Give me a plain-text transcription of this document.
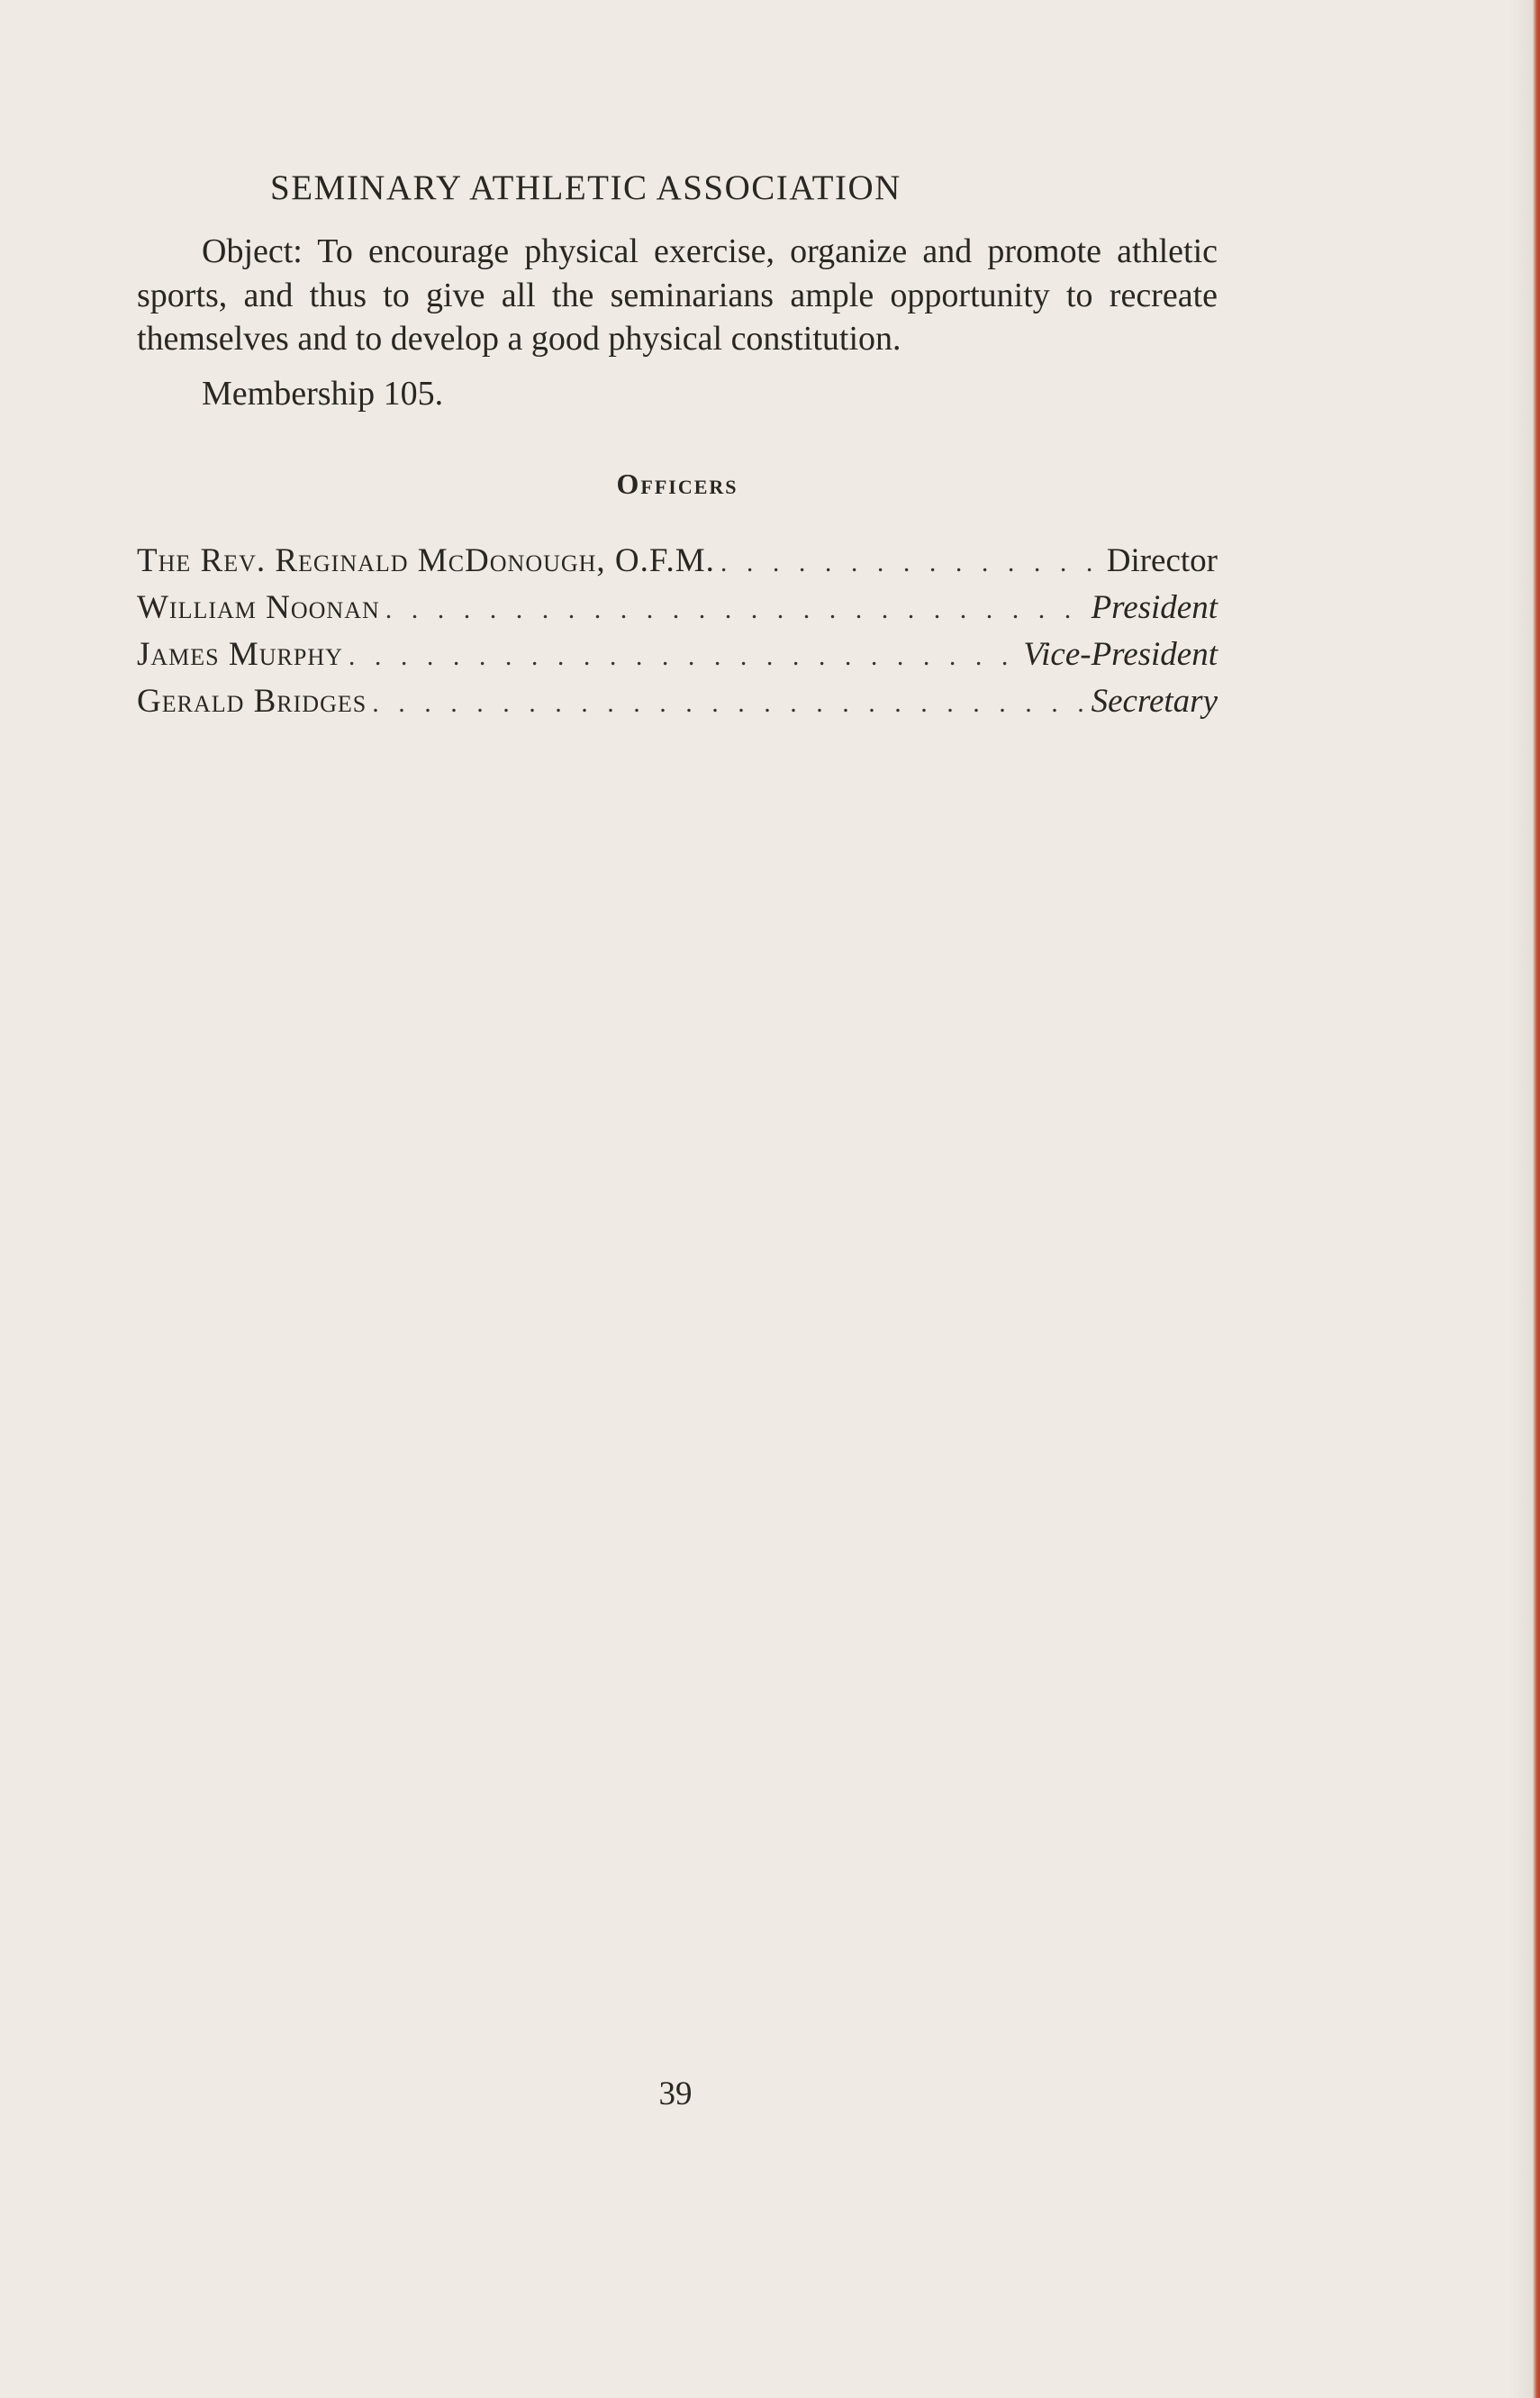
SEMINARY ATHLETIC ASSOCIATION

Object: To encourage physical exercise, organize and promote athletic sports, and thus to give all the seminarians ample opportunity to recreate themselves and to develop a good physical constitution.

Membership 105.

Officers
The Rev. Reginald McDonough, O.F.M. . . .	Director
William Noonan . . .	President
James Murphy . . .	Vice-President
Gerald Bridges . . .	Secretary
39
